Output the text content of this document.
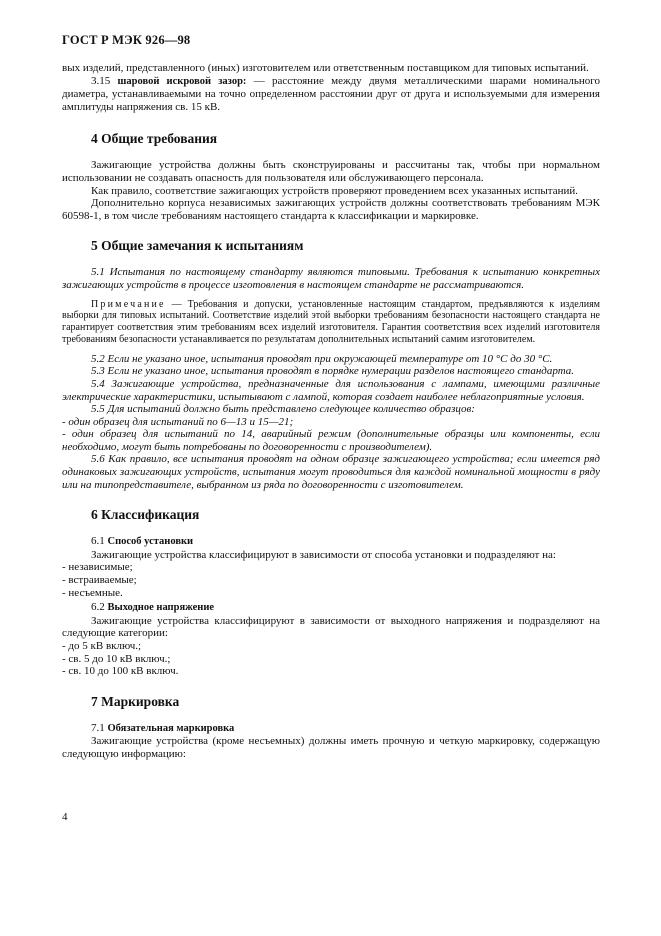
ГОСТ Р МЭК 926—98

вых изделий, представленного (иных) изготовителем или ответственным поставщиком для типовых испытаний.

3.15 шаровой искровой зазор: — расстояние между двумя металлическими шарами номинального диаметра, устанавливаемыми на точно определенном расстоянии друг от друга и используемыми для измерения амплитуды напряжения св. 15 кВ.

4 Общие требования

Зажигающие устройства должны быть сконструированы и рассчитаны так, чтобы при нормальном использовании не создавать опасность для пользователя или обслуживающего персонала.

Как правило, соответствие зажигающих устройств проверяют проведением всех указанных испытаний.

Дополнительно корпуса независимых зажигающих устройств должны соответствовать требованиям МЭК 60598-1, в том числе требованиям настоящего стандарта к классификации и маркировке.

5 Общие замечания к испытаниям

5.1 Испытания по настоящему стандарту являются типовыми. Требования к испытанию конкретных зажигающих устройств в процессе изготовления в настоящем стандарте не рассматриваются.

Примечание — Требования и допуски, установленные настоящим стандартом, предъявляются к изделиям выборки для типовых испытаний. Соответствие изделий этой выборки требованиям безопасности настоящего стандарта не гарантирует соответствия этим требованиям всех изделий изготовителя. Гарантия соответствия всех изделий изготовителя требованиям безопасности устанавливается по результатам дополнительных испытаний самим изготовителем.

5.2 Если не указано иное, испытания проводят при окружающей температуре от 10 °С до 30 °С.

5.3 Если не указано иное, испытания проводят в порядке нумерации разделов настоящего стандарта.

5.4 Зажигающие устройства, предназначенные для использования с лампами, имеющими различные электрические характеристики, испытывают с лампой, которая создает наиболее неблагоприятные условия.

5.5 Для испытаний должно быть представлено следующее количество образцов:

- один образец для испытаний по 6—13 и 15—21;

- один образец для испытаний по 14, аварийный режим (дополнительные образцы или компоненты, если необходимо, могут быть потребованы по договоренности с производителем).

5.6 Как правило, все испытания проводят на одном образце зажигающего устройства; если имеется ряд одинаковых зажигающих устройств, испытания могут проводиться для каждой номинальной мощности в ряду или на типопредставителе, выбранном из ряда по договоренности с изготовителем.

6 Классификация

6.1 Способ установки

Зажигающие устройства классифицируют в зависимости от способа установки и подразделяют на:

- независимые;

- встраиваемые;

- несъемные.

6.2 Выходное напряжение

Зажигающие устройства классифицируют в зависимости от выходного напряжения и подразделяют на следующие категории:

- до 5 кВ включ.;

- св. 5 до 10 кВ включ.;

- св. 10 до 100 кВ включ.

7 Маркировка

7.1 Обязательная маркировка

Зажигающие устройства (кроме несъемных) должны иметь прочную и четкую маркировку, содержащую следующую информацию:

4
